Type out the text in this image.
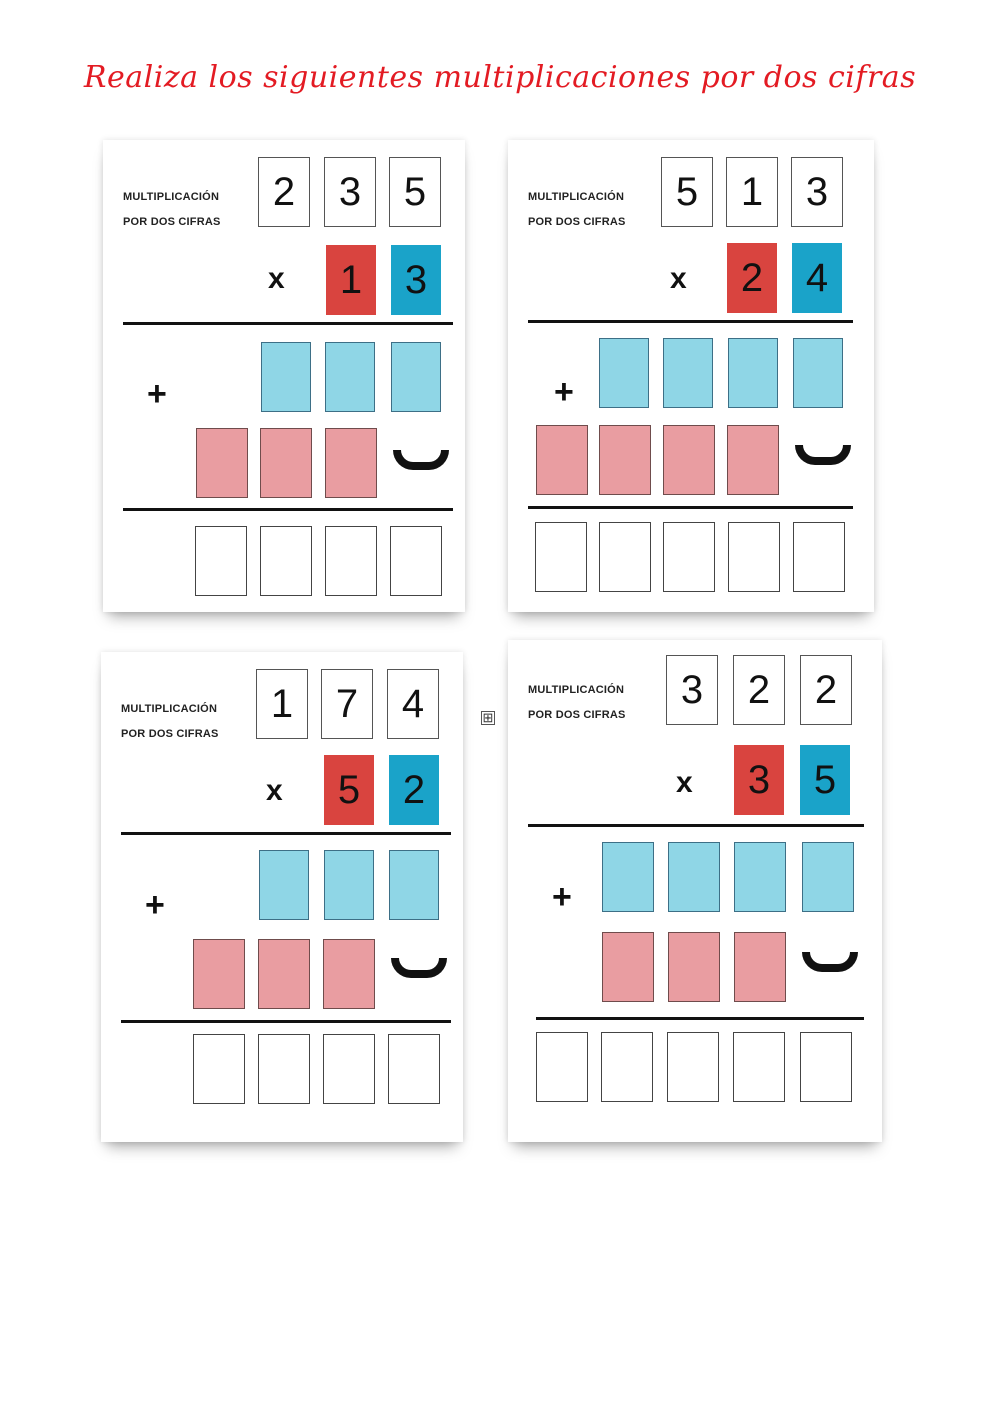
Realiza los siguientes multiplicaciones por dos cifras
MULTIPLICACIÓN
POR DOS CIFRAS
2	3	5
x	1	3
+
MULTIPLICACIÓN
POR DOS CIFRAS
5	1	3
x	2	4
+
MULTIPLICACIÓN
POR DOS CIFRAS
1	7	4
x	5	2
+
⊞
MULTIPLICACIÓN
POR DOS CIFRAS
3	2	2
x	3	5
+
